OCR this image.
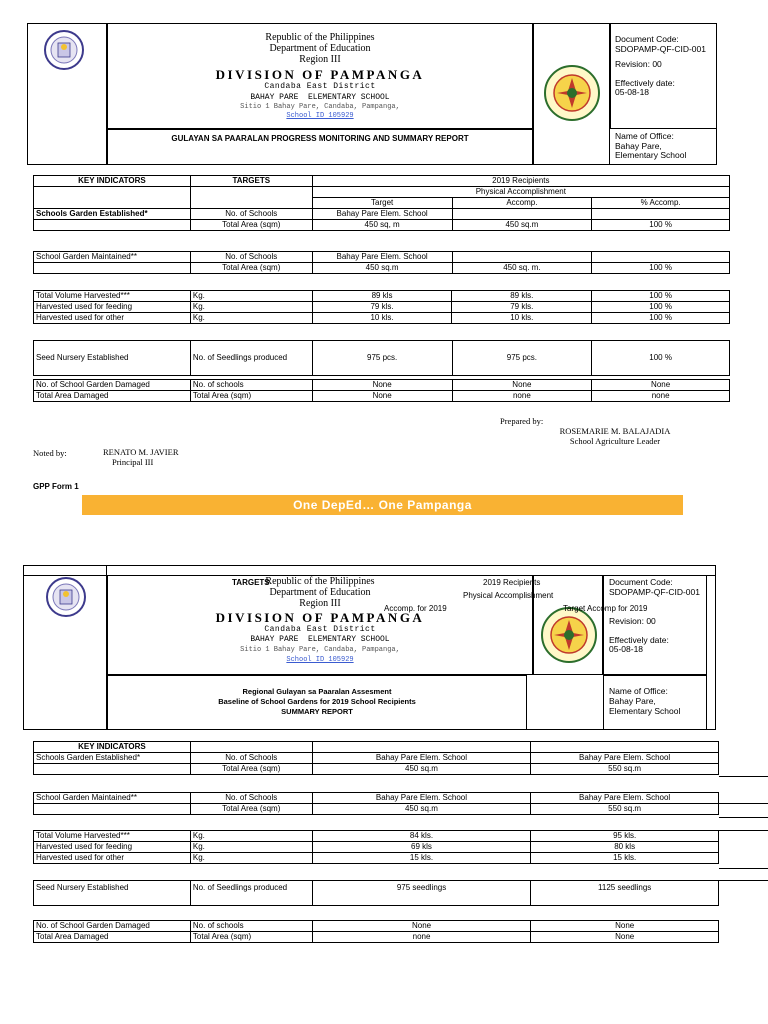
Republic of the Philippines
Department of Education
Region III
DIVISION OF PAMPANGA
Candaba East District
BAHAY PARE  ELEMENTARY SCHOOL
Sitio 1 Bahay Pare, Candaba, Pampanga,
School ID 105929
GULAYAN SA PAARALAN PROGRESS MONITORING AND SUMMARY REPORT
Document Code:
SDOPAMP-QF-CID-001
Revision: 00
Effectively date:
05-08-18
Name of Office:
Bahay Pare,
Elementary School
KEY INDICATORS	TARGETS	2019 Recipients		
		Physical Accomplishment		
		Target	Accomp.	% Accomp.
Schools Garden Established*	No. of Schools	Bahay Pare Elem. School		
	Total Area (sqm)	450 sq, m	450 sq.m	100 %
School Garden Maintained**	No. of Schools	Bahay Pare Elem. School		
	Total Area (sqm)	450 sq.m	450 sq. m.	100 %
Total Volume Harvested***	Kg.	89 kls	89 kls.	100 %
Harvested used for feeding	Kg.	79 kls.	79 kls.	100 %
Harvested used for other	Kg.	10 kls.	10 kls.	100 %
Seed Nursery Established	No. of Seedlings produced	975 pcs.	975 pcs.	100 %
No. of School Garden Damaged	No. of schools	None	None	None
Total Area Damaged	Total Area (sqm)	None	none	none
Prepared by:
ROSEMARIE M. BALAJADIA
School Agriculture Leader
Noted by:	RENATO M. JAVIER
Principal III
GPP Form 1
One DepEd… One Pampanga
TARGETS	2019 Recipients
Physical Accomplishment
Accomp. for 2019	Target Accomp for 2019
Republic of the Philippines
Department of Education
Region III
DIVISION OF PAMPANGA
Candaba East District
BAHAY PARE  ELEMENTARY SCHOOL
Sitio 1 Bahay Pare, Candaba, Pampanga,
School ID 105929
Regional Gulayan sa Paaralan Assesment
Baseline of School Gardens for 2019 School Recipients
SUMMARY REPORT
Document Code:
SDOPAMP-QF-CID-001
Revision: 00
Effectively date:
05-08-18
Name of Office:
Bahay Pare,
Elementary School
KEY INDICATORS			
Schools Garden Established*	No. of Schools	Bahay Pare Elem. School	Bahay Pare Elem. School
	Total Area (sqm)	450 sq.m	550 sq.m
School Garden Maintained**	No. of Schools	Bahay Pare Elem. School	Bahay Pare Elem. School
	Total Area (sqm)	450 sq.m	550 sq.m
Total Volume Harvested***	Kg.	84 kls.	95 kls.
Harvested used for feeding	Kg.	69 kls	80 kls
Harvested used for other	Kg.	15 kls.	15 kls.
Seed Nursery Established	No. of Seedlings produced	975 seedlings	1125 seedlings
No. of School Garden Damaged	No. of schools	None	None
Total Area Damaged	Total Area (sqm)	none	None
